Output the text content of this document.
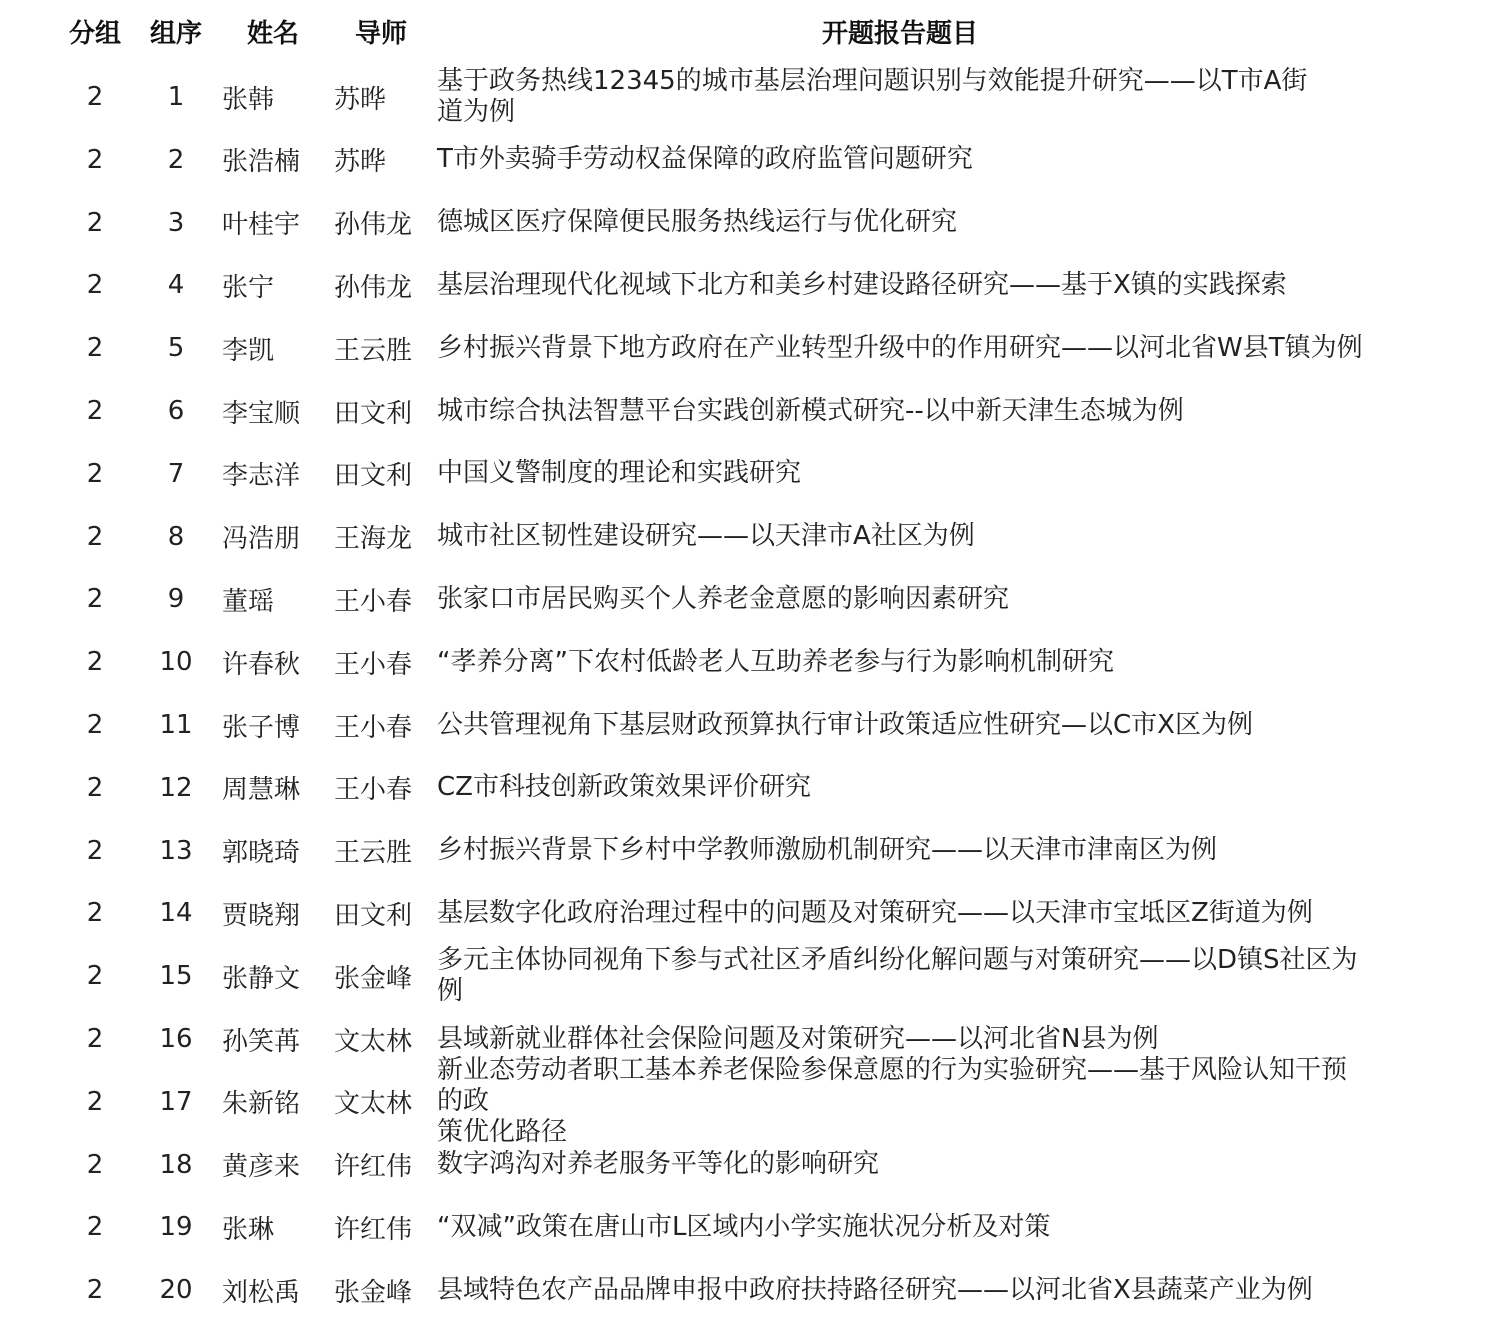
分组	组序	姓名	导师	开题报告题目
2	1	张韩	苏晔
基于政务热线12345的城市基层治理问题识别与效能提升研究——以T市A街
道为例
2	2	张浩楠	苏晔	T市外卖骑手劳动权益保障的政府监管问题研究
2	3	叶桂宇	孙伟龙 德城区医疗保障便民服务热线运行与优化研究
2	4	张宁	孙伟龙 基层治理现代化视域下北方和美乡村建设路径研究——基于X镇的实践探索
2	5	李凯	王云胜 乡村振兴背景下地方政府在产业转型升级中的作用研究——以河北省W县T镇为例
2	6	李宝顺	田文利 城市综合执法智慧平台实践创新模式研究--以中新天津生态城为例
2	7	李志洋	田文利 中国义警制度的理论和实践研究
2	8	冯浩朋	王海龙 城市社区韧性建设研究——以天津市A社区为例
2	9	董瑶	王小春 张家口市居民购买个人养老金意愿的影响因素研究
2	10	许春秋	王小春 “孝养分离”下农村低龄老人互助养老参与行为影响机制研究
2	11	张子博	王小春 公共管理视角下基层财政预算执行审计政策适应性研究—以C市X区为例
2	12	周慧琳	王小春 CZ市科技创新政策效果评价研究
2	13	郭晓琦	王云胜 乡村振兴背景下乡村中学教师激励机制研究——以天津市津南区为例
2	14	贾晓翔	田文利 基层数字化政府治理过程中的问题及对策研究——以天津市宝坻区Z街道为例
2	15	张静文	张金峰
多元主体协同视角下参与式社区矛盾纠纷化解问题与对策研究——以D镇S社区为例
2	16	孙笑苒	文太林 县域新就业群体社会保险问题及对策研究——以河北省N县为例
2	17	朱新铭	文太林
新业态劳动者职工基本养老保险参保意愿的行为实验研究——基于风险认知干预的政
策优化路径
2	18	黄彦来	许红伟 数字鸿沟对养老服务平等化的影响研究
2	19	张琳	许红伟 “双减”政策在唐山市L区域内小学实施状况分析及对策
2	20	刘松禹	张金峰 县域特色农产品品牌申报中政府扶持路径研究——以河北省X县蔬菜产业为例
